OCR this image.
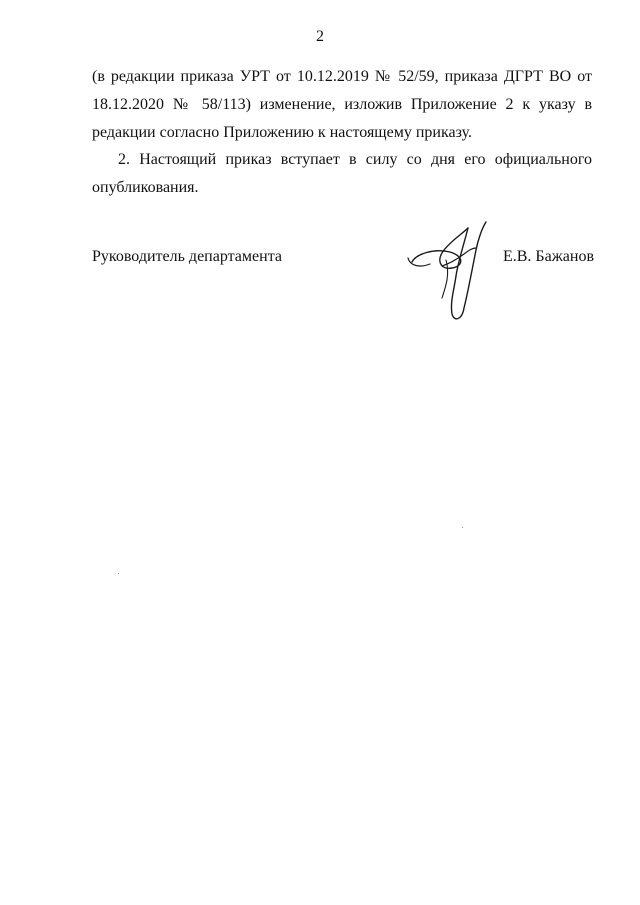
2

(в редакции приказа УРТ от 10.12.2019 № 52/59, приказа ДГРТ ВО от 18.12.2020 № 58/113) изменение, изложив Приложение 2 к указу в редакции согласно Приложению к настоящему приказу.

2. Настоящий приказ вступает в силу со дня его официального опубликования.

Руководитель департамента	Е.В. Бажанов
